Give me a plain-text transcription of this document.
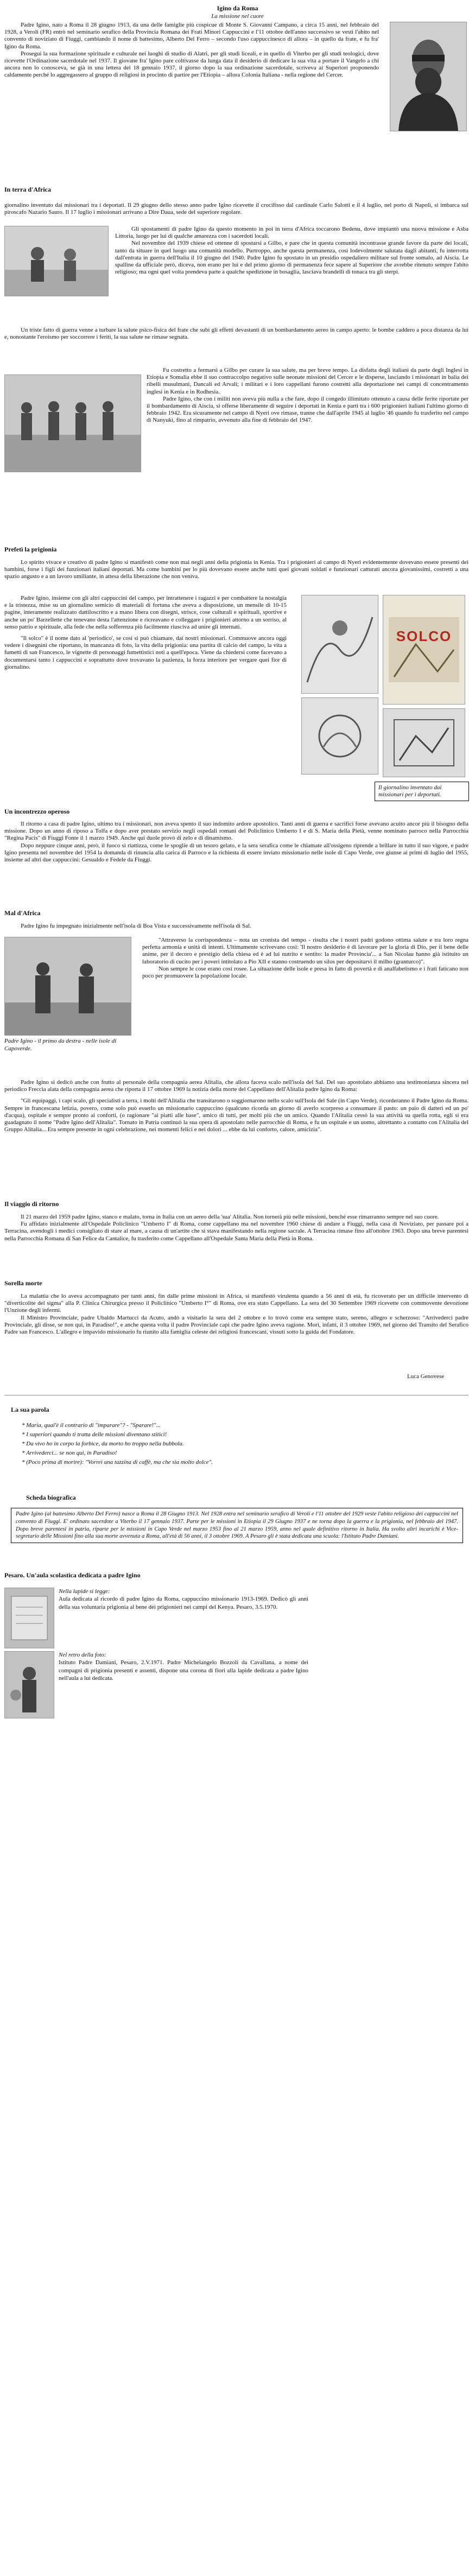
Igino da Roma
La missione nel cuore

Padre Igino, nato a Roma il 28 giugno 1913, da una delle famiglie più cospicue di Monte S. Giovanni Campano, a circa 15 anni, nel febbraio del 1928, a Veroli (FR) entrò nel seminario serafico della Provincia Romana dei Frati Minori Cappuccini e l'11 ottobre dell'anno successivo se vestì l'abito nel convento di noviziato di Fiuggi, cambiando il nome di battesimo, Alberto Del Ferro – secondo l'uso cappuccinesco di allora – in quello da frate, e fu fra' Igino da Roma.

Proseguì la sua formazione spirituale e culturale nei luoghi di studio di Alatri, per gli studi liceali, e in quello di Viterbo per gli studi teologici, dove ricevette l'Ordinazione sacerdotale nel 1937. Il giovane fra' Igino pare coltivasse da lunga data il desiderio di dedicare la sua vita a portare il Vangelo a chi ancora non lo conosceva, se già in una lettera del 18 gennaio 1937, il giorno dopo la sua ordinazione sacerdotale, scriveva ai Superiori proponendo caldamente perché lo aggregassero al gruppo di religiosi in procinto di partire per l'Etiopia – allora Colonia Italiana - nella regione del Cercer.

In terra d'Africa

giornalino inventato dai missionari tra i deportati. Il 29 giugno dello stesso anno padre Igino ricevette il crocifisso dal cardinale Carlo Salotti e il 4 luglio, nel porto di Napoli, si imbarca sul piroscafo Nazario Sauro. Il 17 luglio i missionari arrivano a Dire Daua, sede del superiore regolare.

Gli spostamenti di padre Igino da questo momento in poi in terra d'Africa toccarono Bedenu, dove impiantò una nuova missione e Asba Littoria, luogo per lui di qualche amarezza con i sacerdoti locali.

Nel novembre del 1939 chiese ed ottenne di spostarsi a Gilbo, e pare che in questa comunità incontrasse grande favore da parte dei locali, tanto da situare in quel luogo una comunità modello. Purtroppo, anche questa permanenza, così lodevolmente salutata dagli abitanti, fu interrotta dall'entrata in guerra dell'Italia il 10 giugno del 1940. Padre Igino fu spostato in un presidio ospedaliero militare sul fronte somalo, ad Aiscia. Le spalline da ufficiale però, diceva, non erano per lui e del primo giorno di permanenza fece sapere al Superiore che avrebbe ritenuto sempre l'abito religioso; ma ogni quel volta prendeva parte a qualche spedizione in bosaglia, lasciava brandelli di tonaca tra gli sterpi.

Un triste fatto di guerra venne a turbare la salute psico-fisica del frate che subì gli effetti devastanti di un bombardamento aereo in campo aperto: le bombe caddero a poca distanza da lui e, nonostante l'eroismo per soccorrere i feriti, la sua salute ne rimase segnata.

Fu costretto a fermarsi a Gilbo per curare la sua salute, ma per breve tempo. La disfatta degli italiani da parte degli Inglesi in Etiopia e Somalia ebbe il suo contraccolpo negativo sulle neonate missioni del Cercer e le disperse, lasciando i missionari in balìa dei ribelli musulmani, Dancali ed Arvali; i militari e i loro cappellani furono costretti alla deportazione nei campi di concentramento inglesi in Kenia e in Rodhesia.

Padre Igino, che con i militi non aveva più nulla a che fare, dopo il congedo illimitato ottenuto a causa delle ferite riportate per il bombardamento di Aiscia, si offerse liberamente di seguire i deportati in Kenia e partì tra i 600 prigionieri italiani l'ultimo giorno di febbraio 1942. Era sicuramente nel campo di Nyeri ove rimase, tranne che dall'aprile 1945 al luglio '46 quando fu trasferito nel campo di Nanyuki, fino al rimpatrio, avvenuto alla fine di febbraio del 1947.

Prefetì la prigionia

Lo spirito vivace e creativo di padre Igino si manifestò come non mai negli anni della prigionia in Kenia. Tra i prigionieri al campo di Nyeri evidentemente dovevano essere presenti dei bambini, forse i figli dei funzionari italiani deportati. Ma come bambini per lo più dovevano essere anche tutti quei giovani soldati e funzionari catturati ancora giovanissimi, costretti a una spazio angusto e a un lavoro umiliante, in attesa della liberazione che non veniva.

Padre Igino, insieme con gli altri cappuccini del campo, per intrattenere i ragazzi e per combattere la nostalgia e la tristezza, mise su un giornalino semicio di materiali di fortuna che aveva a disposizione, un mensile di 10-15 pagine, interamente realizzato dattiloscritto e a mano libera con disegni, strisce, cose culturali e spirituali, sportive e anche un po' Barzellette che tenevano desta l'attenzione e ricreavano e colleggare i prigionieri attorno a un sorriso, al senso patrio e spirituale, alla fede che nella sofferenza più facilmente riusciva ad unire gli internati.

"Il solco" è il nome dato al 'periodico', se così si può chiamare, dai nostri missionari. Commuove ancora oggi vedere i disegnini che riportano, in mancanza di foto, la vita della prigionia: una partita di calcio del campo, la vita a fumetti di san Francesco, le vignette di personaggi fumettistici noti a quell'epoca. Viene da chiedersi come facevano a documentarsi tanto i cappuccini e soprattutto dove trovavano la pazienza, la forza interiore per vergare quei fior di giornalino.

SOLCO
Il giornalino inventato dai missionari per i deportati.
Un incontrezzo operoso

Il ritorno a casa di padre Igino, ultimo tra i missionari, non aveva spento il suo indomito ardore apostolico. Tanti anni di guerra e sacrifici forse avevano acuito ancor più il bisogno della missione. Dopo un anno di riposo a Tolfa e dopo aver prestato servizio negli ospedali romani del Policlinico Umberto I e di S. Maria della Pietà, venne nominato parroco nella Parrocchia "Regina Pacis" di Fiuggi Fonte il 1 marzo 1949. Anche qui duole provò di zelo e di dinamismo.

Dopo neppure cinque anni, però, il fuoco si riattizza, come le spoglie di un tesoro gelato, e la sera serafica come le chiamate all'ossigeno riprende a brillare in tutto il suo vigore, e padre Igino presenta nel novembre del 1954 la domanda di rinuncia alla carica di Parroco e la richiesta di essere inviato missionario nelle isole di Capo Verde, ove giunse ai primi di luglio del 1955, insieme ad altri due cappuccini: Gesualdo e Fedele da Fiuggi.

Mal d'Africa

Padre Igino fu impegnato inizialmente nell'isola di Boa Vista e successivamente nell'isola di Sal.

Padre Igino - il primo da destra - nelle isole di Capoverde.

"Attraverso la corrispondenza – nota un cronista del tempo - risulta che i nostri padri godono ottima salute e tra loro regna perfetta armonia e unità di intenti. Ultimamente scrivevano così: 'Il nostro desiderio è di lavorare per la gloria di Dio, per il bene delle anime, per il decoro e prestigio della chiesa ed è ad lui nutrito e sentito: la madre Provincia'... a San Nicolau hanno già istituito un laboratorio di cucito per i poveri intitolato a Pio XII e stanno costruendo un silos per depositarvi il milho (granturco)".

Non sempre le cose erano così rosee. La situazione delle isole e presa in fatto di povertà e di analfabetismo e i frati faticano non poco per promuovere la popolazione locale.

Padre Igino si dedicò anche con frutto al personale della compagnia aerea Alitalia, che allora faceva scalo nell'isola del Sal. Del suo apostolato abbiamo una testimonianza sincera nel periodico Freccia alata della compagnia aerea che riporta il 17 ottobre 1969 la notizia della morte del Cappellano dell'Alitalia padre Igino da Roma:

"Gli equipaggi, i capi scalo, gli specialisti a terra, i molti dell'Alitalia che transitarono o soggiornarono nello scalo sull'Isola del Sale (in Capo Verde), ricorderanno il Padre Igino da Roma. Sempre in francescana letizia, povero, come solo può esserlo un missionario cappuccino (qualcuno ricorda un giorno di averlo scorpreso a consumare il pasto: un paio di datteri ed un po' d'acqua), ospitale e sempre pronto ai conforti, (o ragionare "ai piatti alle base", amico di tutti, per molti più che un amico. Quando l'Alitalia cessò la sua attività su quella rotta, egli si era guadagnato il nome "Padre Igino dell'Alitalia". Tornato in Patria continuò la sua opera di apostolato nelle parrocchie di Roma, e fu un ospitale e un uomo, altrettanto a contatto con l'Alitalia del Gruppo Alitalia... Era sempre presente in ogni celebrazione, nei momenti felici e nei dolori ... ebbe da lui conforto, calore, amicizia".

Il viaggio di ritorno

Il 21 marzo del 1959 padre Igino, stanco e malato, torna in Italia con un aereo della 'sua' Alitalia. Non tornerà più nelle missioni, benché esse rimarranno sempre nel suo cuore.

Fu affidato inizialmente all'Ospedale Policlinico "Umberto I" di Roma, come cappellano ma nel novembre 1960 chiese di andare a Fiuggi, nella casa di Noviziato, per passare poi a Terracina, avendogli i medici consigliato di stare al mare, a causa di un'artite che si stava manifestando nella regione sacrale. A Terracina rimase fino all'ottobre 1963. Dopo una breve parentesi nella Parrocchia Romana di San Felice da Cantalice, fu trasferito come Cappellano all'Ospedale Santa Maria della Pietà in Roma.

Sorella morte

La malattia che lo aveva accompagnato per tanti anni, fin dalle prime missioni in Africa, si manifestò virulenta quando a 56 anni di età, fu ricoverato per un difficile intervento di "diverticolite del sigma" alla P. Clinica Chirurgica presso il Policlinico "Umberto I°" di Roma, ove era stato Cappellano. La sera del 30 Settembre 1969 ricevette con commovente devozione l'Unzione degli infermi.

Il Ministro Provinciale, padre Ubaldo Martucci da Acuto, andò a visitarlo la sera del 2 ottobre e lo trovò come era sempre stato, sereno, allegro e scherzoso: "Arrivederci padre Provinciale, gli disse, se non qui, in Paradiso!", e anche questa volta il padre Provinciale capì che padre Igino aveva ragione. Morì, infatti, il 3 ottobre 1969, nel giorno del Transito del Serafico Padre san Francesco. L'allegro e impavido missionario fu riunito alla famiglia celeste dei religiosi francescani, vissuti sotto la guida del Fondatore.

Luca Genovese
La sua parola
* Maria, qual'è il contrario di "imparare"? - "Sparare!"...
* I superiori quando ti tratta delle missioni diventano stitici!
* Da vivo ho in corpo la forbice, da morto ho troppo nella bubbola.
* Arrivederci... se non qui, in Paradiso!
* (Poco prima di morire): "Vorrei una tazzina di caffè, ma che sia molto dolce".
Scheda biografica
Padre Igino (al battesimo Alberto Del Ferro) nasce a Roma il 28 Giugno 1913. Nel 1928 entra nel seminario serafico di Veroli e l'11 ottobre del 1929 veste l'abito religioso dei cappuccini nel convento di Fiuggi. E' ordinato sacerdote a Viterbo il 17 gennaio 1937. Parte per le missioni in Etiopia il 29 Giugno 1937 e ne torna dopo la guerra e la prigionia, nel febbraio del 1947. Dopo breve parentesi in patria, riparte per le missioni in Capo Verde nel marzo 1953 fino al 21 marzo 1959, anno nel quale definitivo ritorno in Italia. Ha svolto altri incarichi è Vice-segretario delle Missioni fino alla sua morte avvenuta a Roma, all'età di 56 anni, il 3 ottobre 1969. A Pesaro gli è stata dedicata una scuola: l'Istituto Padre Damiani.
Pesaro. Un'aula scolastica dedicata a padre Igino
Nella lapide si legge:
Aula dedicata al ricordo di padre Igino da Roma, cappuccino missionario 1913-1969. Dedicò gli anni della sua voluntaria prigionia al bene dei prigionieri nei campi del Kenya. Pesaro, 3.5.1970.
Nel retro della foto:
Istituto Padre Damiani, Pesaro, 2.V.1971. Padre Michelangelo Bozzoli da Cavallana, a nome dei compagni di prigionia presenti e assenti, dispone una corona di fiori alla lapide dedicata a padre Igino nell'aula a lui dedicata.
